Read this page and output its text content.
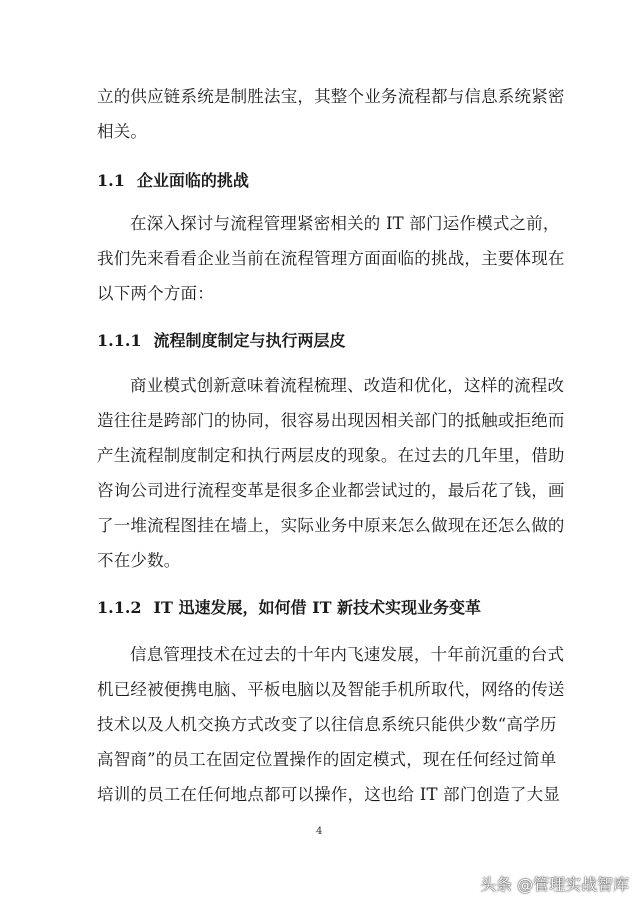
立的供应链系统是制胜法宝，其整个业务流程都与信息系统紧密
相关。
1.1 企业面临的挑战
在深入探讨与流程管理紧密相关的 IT 部门运作模式之前，
我们先来看看企业当前在流程管理方面面临的挑战，主要体现在
以下两个方面：
1.1.1 流程制度制定与执行两层皮
商业模式创新意味着流程梳理、改造和优化，这样的流程改
造往往是跨部门的协同，很容易出现因相关部门的抵触或拒绝而
产生流程制度制定和执行两层皮的现象。在过去的几年里，借助
咨询公司进行流程变革是很多企业都尝试过的，最后花了钱，画
了一堆流程图挂在墙上，实际业务中原来怎么做现在还怎么做的
不在少数。
1.1.2 IT 迅速发展，如何借 IT 新技术实现业务变革
信息管理技术在过去的十年内飞速发展，十年前沉重的台式
机已经被便携电脑、平板电脑以及智能手机所取代，网络的传送
技术以及人机交换方式改变了以往信息系统只能供少数“高学历
高智商”的员工在固定位置操作的固定模式，现在任何经过简单
培训的员工在任何地点都可以操作，这也给 IT 部门创造了大显
4
头条 @管理实战智库
